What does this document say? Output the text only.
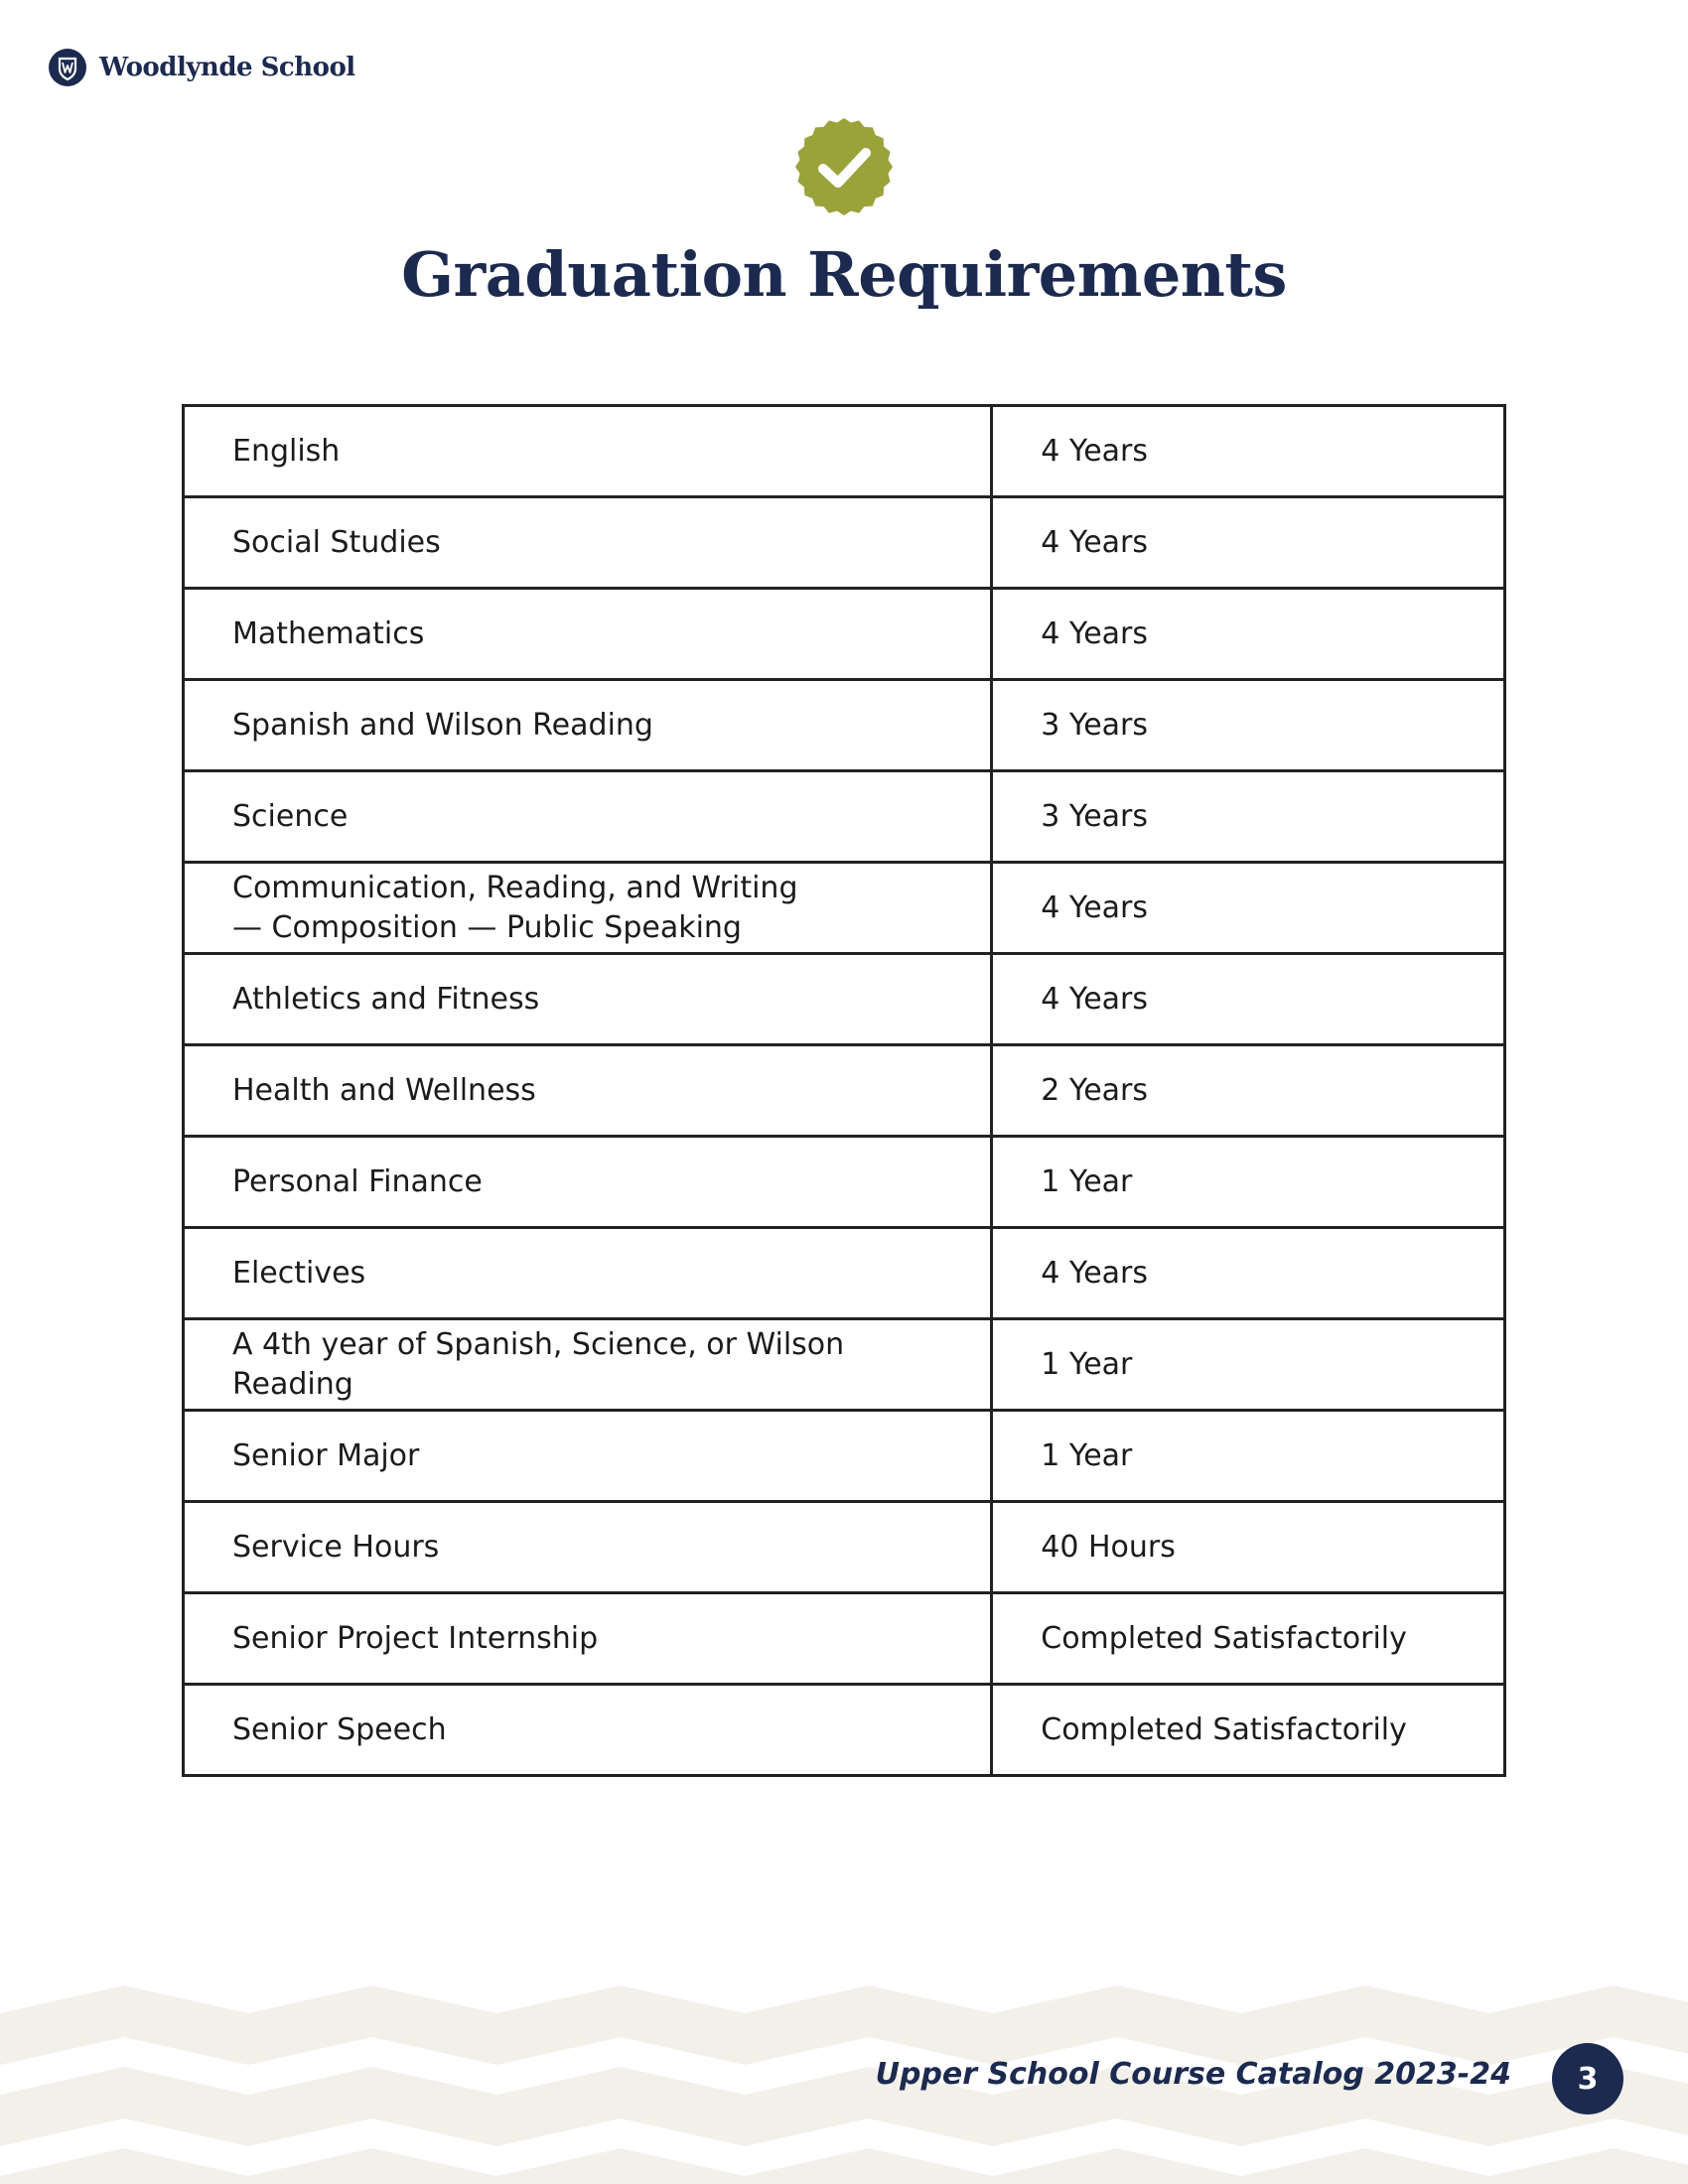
Woodlynde School
Graduation Requirements
English	4 Years
Social Studies	4 Years
Mathematics	4 Years
Spanish and Wilson Reading	3 Years
Science	3 Years
Communication, Reading, and Writing
— Composition — Public Speaking	4 Years
Athletics and Fitness	4 Years
Health and Wellness	2 Years
Personal Finance	1 Year
Electives	4 Years
A 4th year of Spanish, Science, or Wilson Reading	1 Year
Senior Major	1 Year
Service Hours	40 Hours
Senior Project Internship	Completed Satisfactorily
Senior Speech	Completed Satisfactorily
Upper School Course Catalog 2023-24	3
